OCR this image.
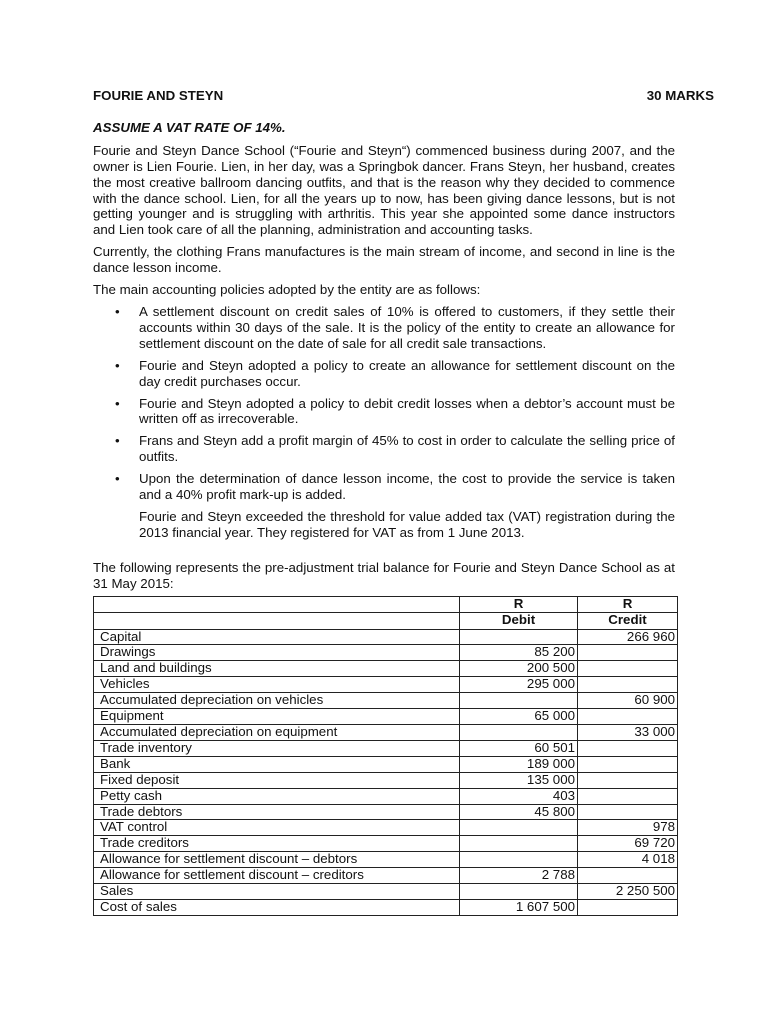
FOURIE AND STEYN	30 MARKS
ASSUME A VAT RATE OF 14%.

Fourie and Steyn Dance School (“Fourie and Steyn“) commenced business during 2007, and the owner is Lien Fourie. Lien, in her day, was a Springbok dancer. Frans Steyn, her husband, creates the most creative ballroom dancing outfits, and that is the reason why they decided to commence with the dance school. Lien, for all the years up to now, has been giving dance lessons, but is not getting younger and is struggling with arthritis. This year she appointed some dance instructors and Lien took care of all the planning, administration and accounting tasks.

Currently, the clothing Frans manufactures is the main stream of income, and second in line is the dance lesson income.

The main accounting policies adopted by the entity are as follows:

• A settlement discount on credit sales of 10% is offered to customers, if they settle their accounts within 30 days of the sale. It is the policy of the entity to create an allowance for settlement discount on the date of sale for all credit sale transactions.
• Fourie and Steyn adopted a policy to create an allowance for settlement discount on the day credit purchases occur.
• Fourie and Steyn adopted a policy to debit credit losses when a debtor’s account must be written off as irrecoverable.
• Frans and Steyn add a profit margin of 45% to cost in order to calculate the selling price of outfits.
• Upon the determination of dance lesson income, the cost to provide the service is taken and a 40% profit mark-up is added.

Fourie and Steyn exceeded the threshold for value added tax (VAT) registration during the 2013 financial year. They registered for VAT as from 1 June 2013.

The following represents the pre-adjustment trial balance for Fourie and Steyn Dance School as at 31 May 2015:

	R	R
	Debit	Credit
Capital		266 960
Drawings	85 200	
Land and buildings	200 500	
Vehicles	295 000	
Accumulated depreciation on vehicles		60 900
Equipment	65 000	
Accumulated depreciation on equipment		33 000
Trade inventory	60 501	
Bank	189 000	
Fixed deposit	135 000	
Petty cash	403	
Trade debtors	45 800	
VAT control		978
Trade creditors		69 720
Allowance for settlement discount – debtors		4 018
Allowance for settlement discount – creditors	2 788	
Sales		2 250 500
Cost of sales	1 607 500	
